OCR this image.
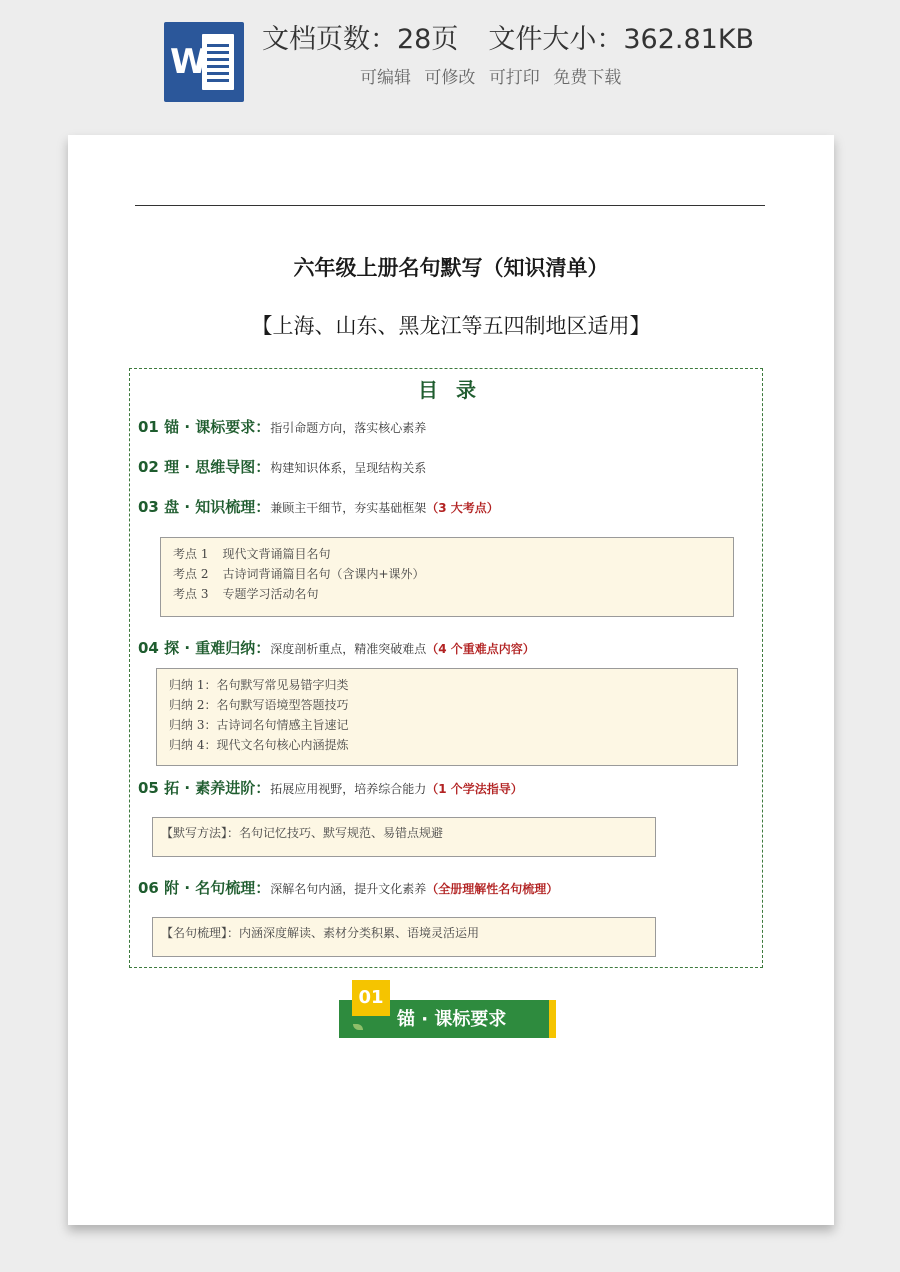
W
文档页数：28页 文件大小：362.81KB
可编辑 可修改 可打印 免费下载
六年级上册名句默写（知识清单）
【上海、山东、黑龙江等五四制地区适用】
目录
01 锚 · 课标要求：指引命题方向，落实核心素养
02 理 · 思维导图：构建知识体系，呈现结构关系
03 盘 · 知识梳理：兼顾主干细节，夯实基础框架（3 大考点）
考点 1 现代文背诵篇目名句
考点 2 古诗词背诵篇目名句（含课内+课外）
考点 3 专题学习活动名句
04 探 · 重难归纳：深度剖析重点，精准突破难点（4 个重难点内容）
归纳 1：名句默写常见易错字归类
归纳 2：名句默写语境型答题技巧
归纳 3：古诗词名句情感主旨速记
归纳 4：现代文名句核心内涵提炼
05 拓 · 素养进阶：拓展应用视野，培养综合能力（1 个学法指导）
【默写方法】：名句记忆技巧、默写规范、易错点规避
06 附 · 名句梳理：深解名句内涵，提升文化素养（全册理解性名句梳理）
【名句梳理】：内涵深度解读、素材分类积累、语境灵活运用
01
锚 · 课标要求
